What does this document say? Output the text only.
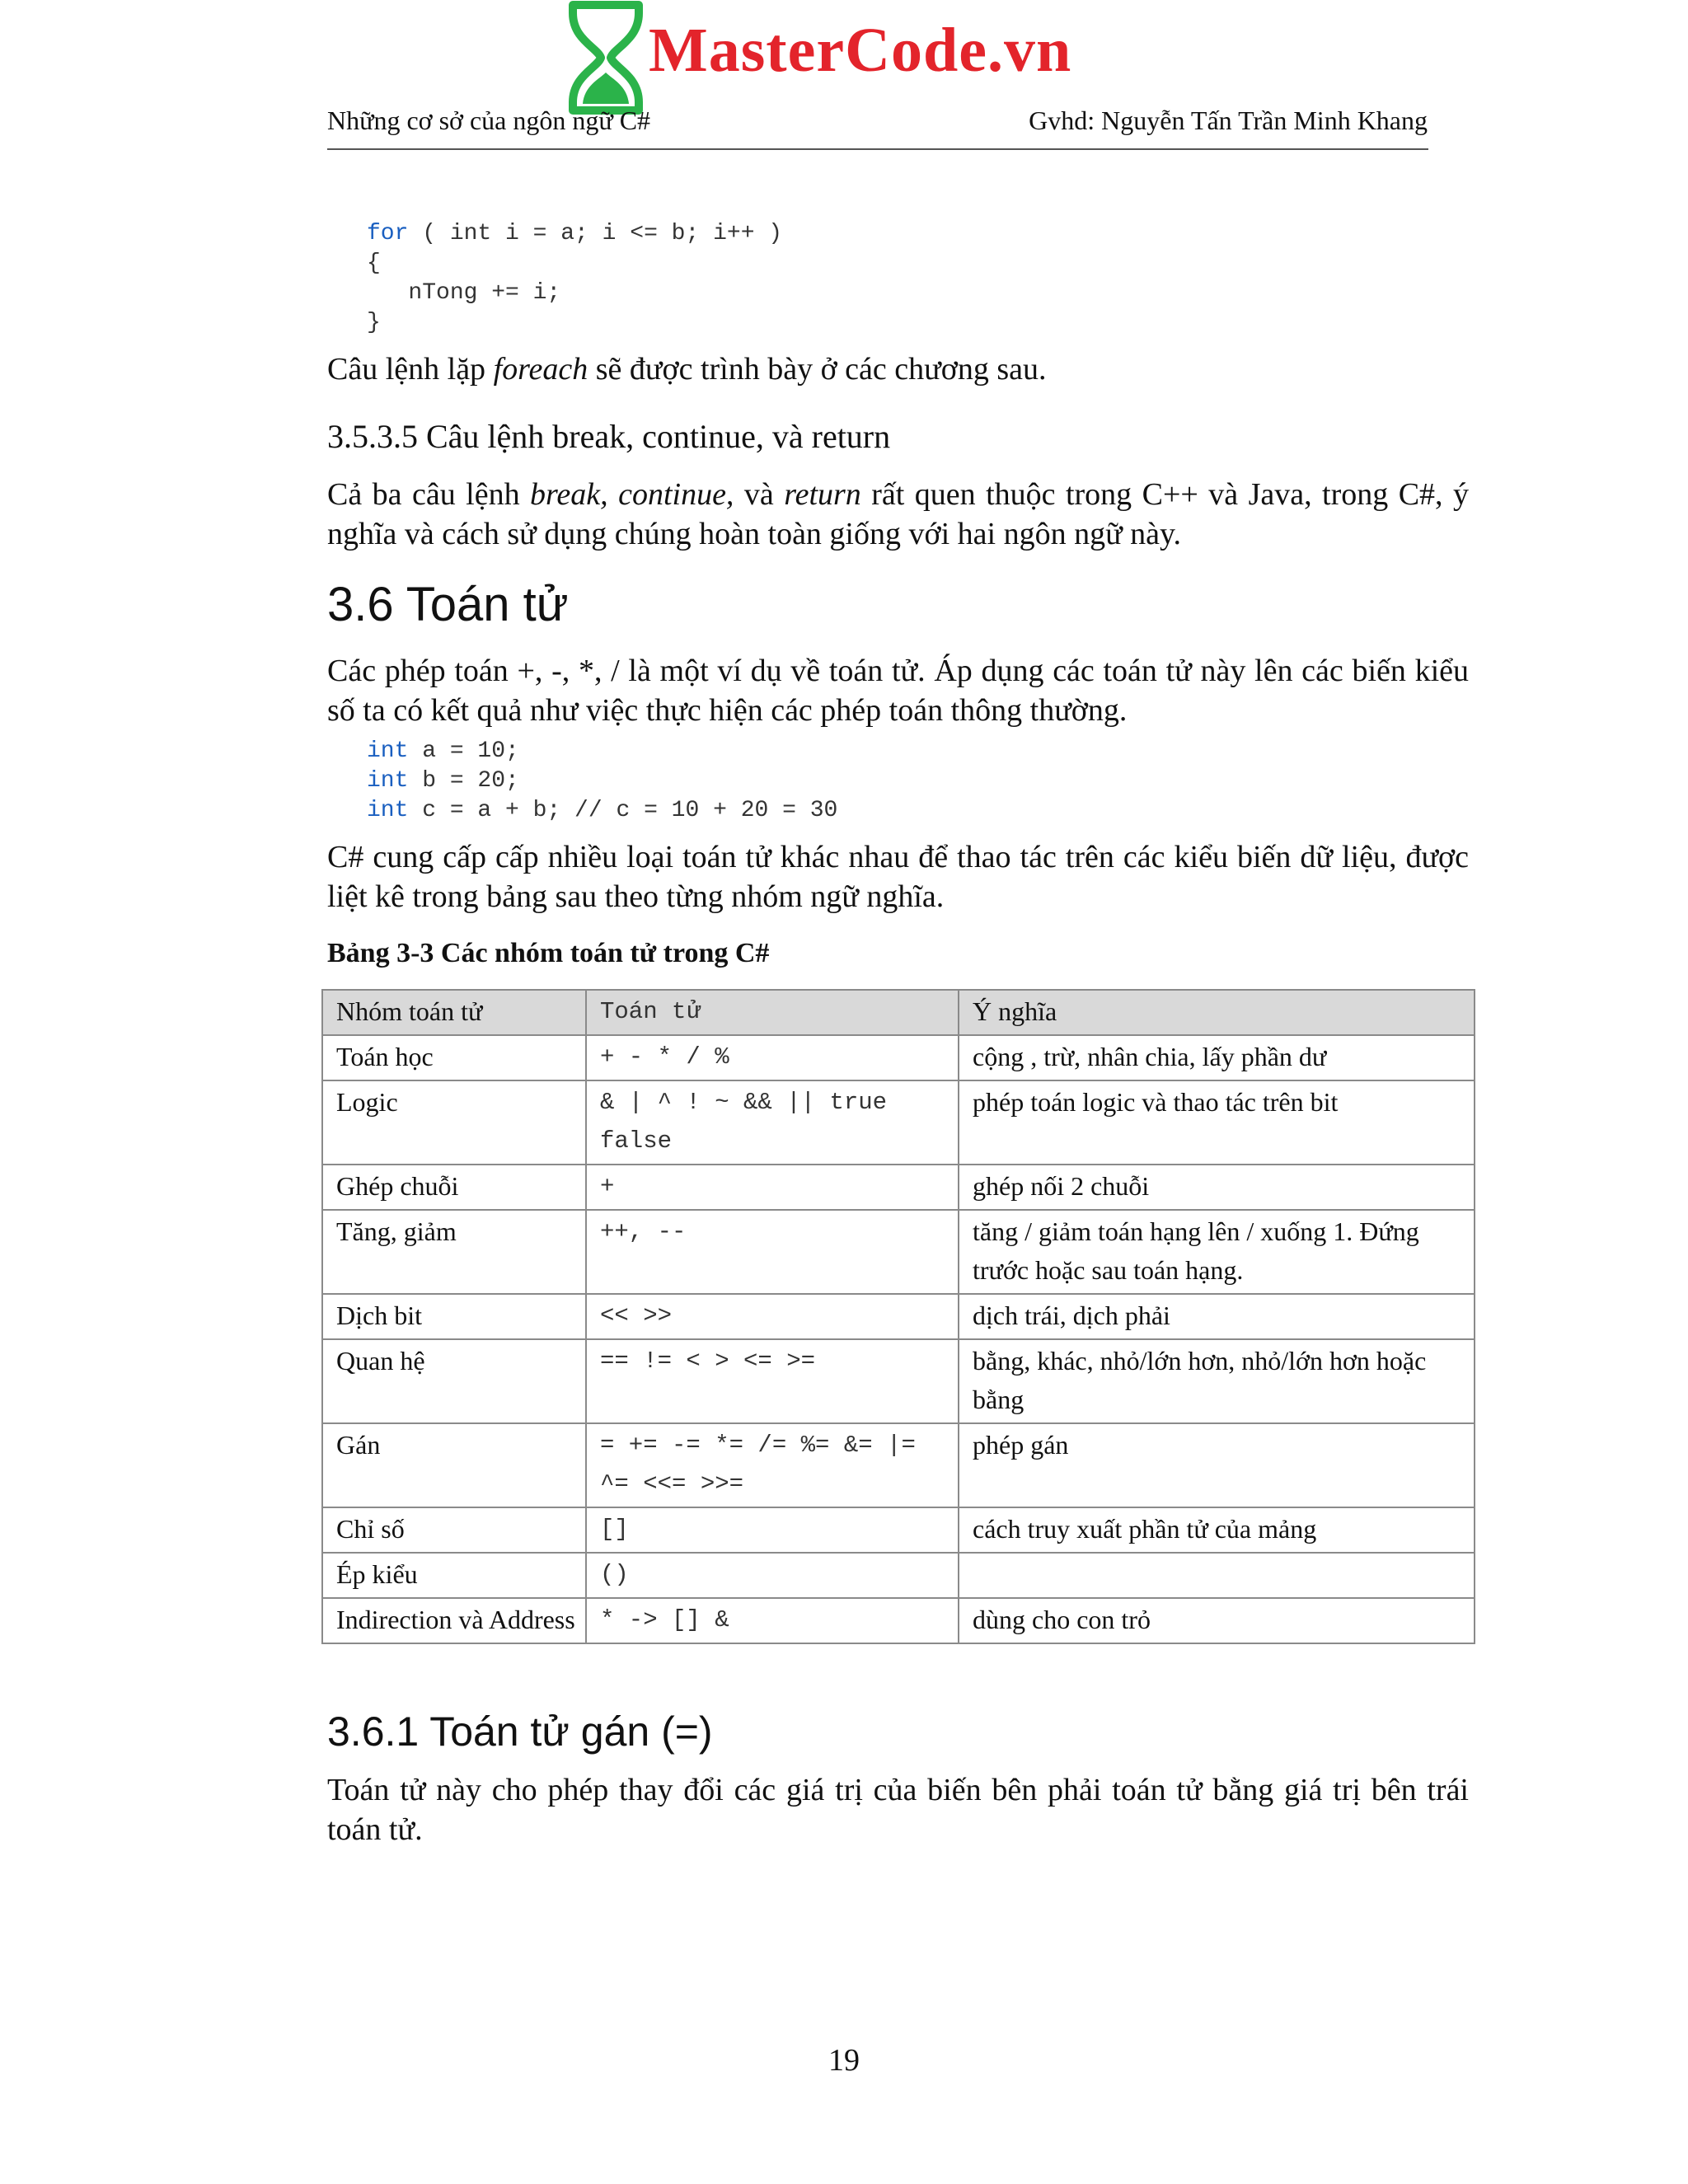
MasterCode.vn
Những cơ sở của ngôn ngữ C#	Gvhd: Nguyễn Tấn Trần Minh Khang
for ( int i = a; i <= b; i++ )
{
nTong += i;
}
Câu lệnh lặp foreach sẽ được trình bày ở các chương sau.
3.5.3.5 Câu lệnh break, continue, và return
Cả ba câu lệnh break, continue, và return rất quen thuộc trong C++ và Java, trong C#, ý nghĩa và cách sử dụng chúng hoàn toàn giống với hai ngôn ngữ này.
3.6 Toán tử
Các phép toán +, -, *, / là một ví dụ về toán tử. Áp dụng các toán tử này lên các biến kiểu số ta có kết quả như việc thực hiện các phép toán thông thường.
int a = 10;
int b = 20;
int c = a + b; // c = 10 + 20 = 30
C# cung cấp cấp nhiều loại toán tử khác nhau để thao tác trên các kiểu biến dữ liệu, được liệt kê trong bảng sau theo từng nhóm ngữ nghĩa.
Bảng 3-3 Các nhóm toán tử trong C#
Nhóm toán tử	Toán tử	Ý nghĩa
Toán học	+ - * / %	cộng , trừ, nhân chia, lấy phần dư
Logic	& | ^ ! ~ && || true false	phép toán logic và thao tác trên bit
Ghép chuỗi	+	ghép nối 2 chuỗi
Tăng, giảm	++, --	tăng / giảm toán hạng lên / xuống 1. Đứng trước hoặc sau toán hạng.
Dịch bit	<< >>	dịch trái, dịch phải
Quan hệ	== != < > <= >=	bằng, khác, nhỏ/lớn hơn, nhỏ/lớn hơn hoặc bằng
Gán	= += -= *= /= %= &= |= ^= <<= >>=	phép gán
Chỉ số	[]	cách truy xuất phần tử của mảng
Ép kiểu	()	
Indirection và Address	* -> [] &	dùng cho con trỏ
3.6.1 Toán tử gán (=)
Toán tử này cho phép thay đổi các giá trị của biến bên phải toán tử bằng giá trị bên trái toán tử.
19
